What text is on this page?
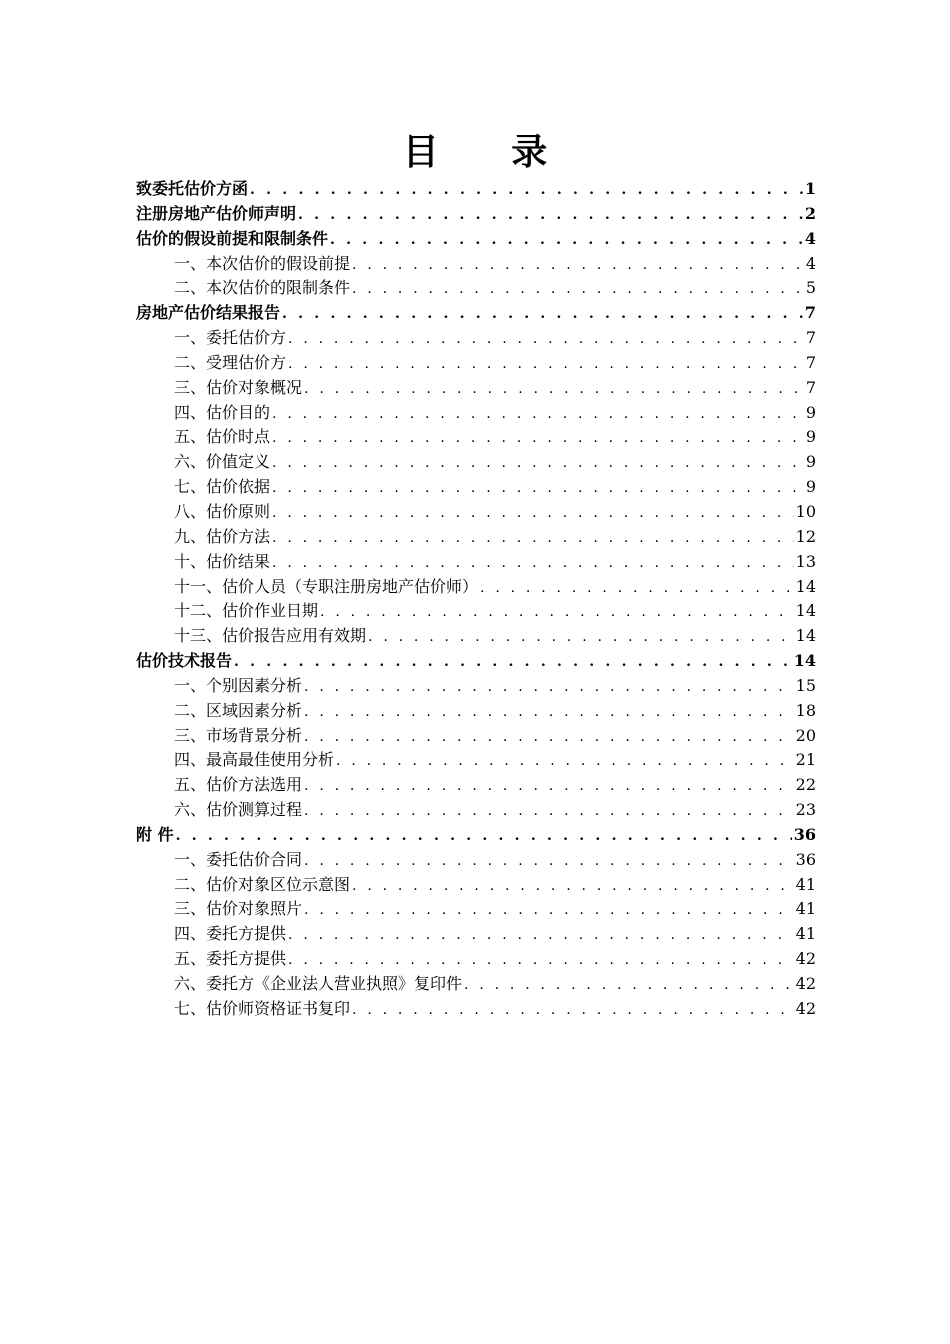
目 录
致委托估价方函 . . .	1
注册房地产估价师声明 . . .	2
估价的假设前提和限制条件 . . .	4
一、本次估价的假设前提 . . .	4
二、本次估价的限制条件 . . .	5
房地产估价结果报告 . . .	7
一、委托估价方 . . .	7
二、受理估价方 . . .	7
三、估价对象概况 . . .	7
四、估价目的 . . .	9
五、估价时点 . . .	9
六、价值定义 . . .	9
七、估价依据 . . .	9
八、估价原则 . . .	10
九、估价方法 . . .	12
十、估价结果 . . .	13
十一、估价人员（专职注册房地产估价师） . . .	14
十二、估价作业日期 . . .	14
十三、估价报告应用有效期 . . .	14
估价技术报告 . . .	14
一、个别因素分析 . . .	15
二、区域因素分析 . . .	18
三、市场背景分析 . . .	20
四、最高最佳使用分析 . . .	21
五、估价方法选用 . . .	22
六、估价测算过程 . . .	23
附 件 . . .	36
一、委托估价合同 . . .	36
二、估价对象区位示意图 . . .	41
三、估价对象照片 . . .	41
四、委托方提供 . . .	41
五、委托方提供 . . .	42
六、委托方《企业法人营业执照》复印件 . . .	42
七、估价师资格证书复印 . . .	42
